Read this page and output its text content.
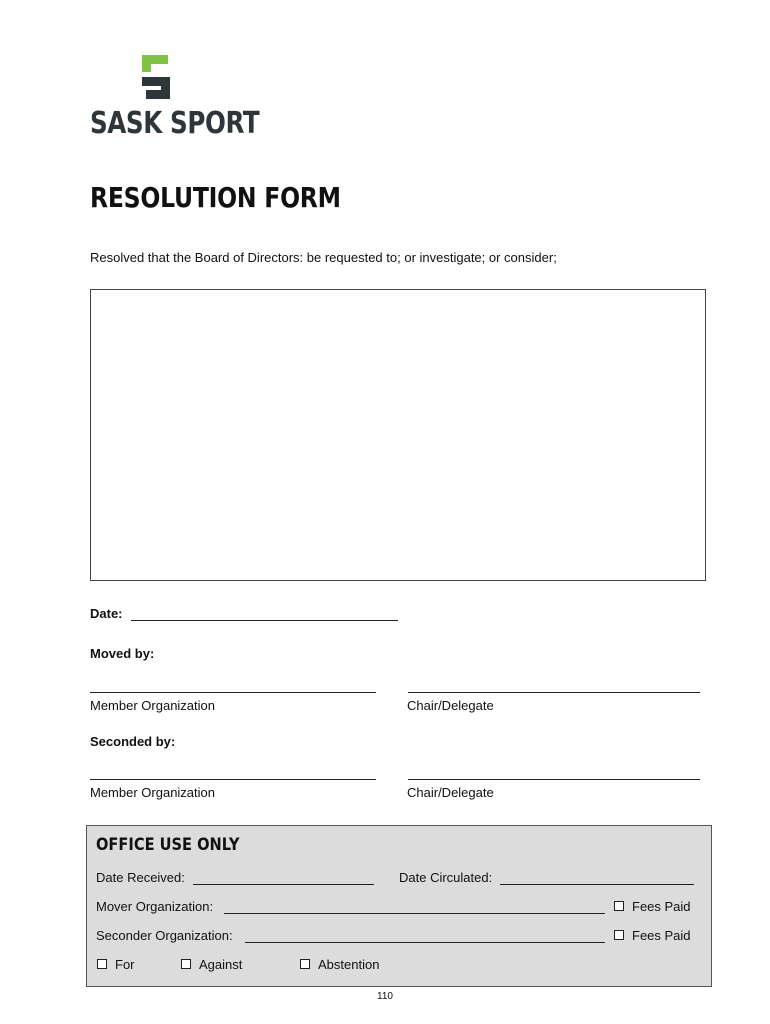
SASK SPORT
RESOLUTION FORM
Resolved that the Board of Directors: be requested to; or investigate; or consider;
Date:
Moved by:
Member Organization	Chair/Delegate
Seconded by:
Member Organization	Chair/Delegate
OFFICE USE ONLY
Date Received:	Date Circulated:
Mover Organization:	Fees Paid
Seconder Organization:	Fees Paid
For	Against	Abstention
110
